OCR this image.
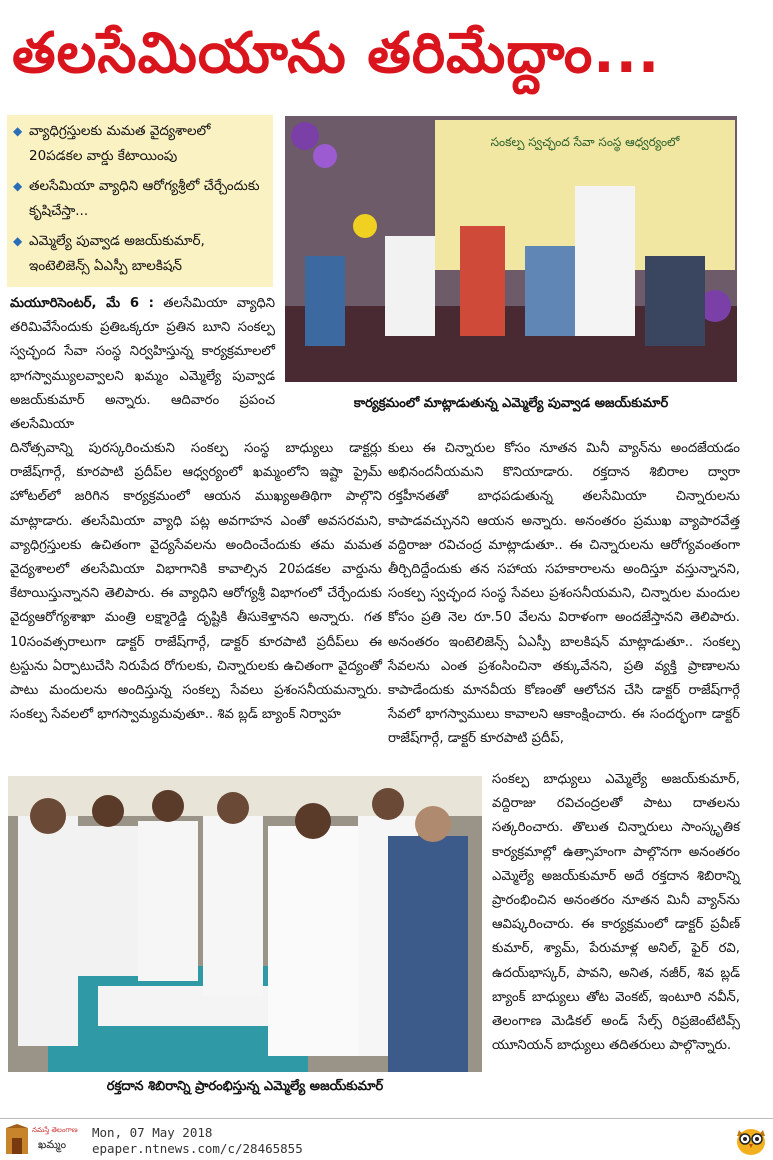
తలసేమియాను తరిమేద్దాం...
◆ వ్యాధిగ్రస్తులకు మమత వైద్యశాలలో 20పడకల వార్డు కేటాయింపు
◆ తలసేమియా వ్యాధిని ఆరోగ్యశ్రీలో చేర్చేందుకు కృషిచేస్తా...
◆ ఎమ్మెల్యే పువ్వాడ అజయ్‌కుమార్, ఇంటెలిజెన్స్ ఏఎస్పీ బాలకిషన్
సంకల్ప స్వచ్ఛంద సేవా సంస్థ ఆధ్వర్యంలో
కార్యక్రమంలో మాట్లాడుతున్న ఎమ్మెల్యే పువ్వాడ అజయ్‌కుమార్

మయూరిసెంటర్, మే 6 : తలసేమియా వ్యాధిని తరిమివేసేందుకు ప్రతిఒక్కరూ ప్రతిన బూని సంకల్ప స్వచ్ఛంద సేవా సంస్థ నిర్వహిస్తున్న కార్యక్రమాలలో భాగస్వామ్యులవ్వాలని ఖమ్మం ఎమ్మెల్యే పువ్వాడ అజయ్‌కుమార్ అన్నారు. ఆదివారం ప్రపంచ తలసేమియా

దినోత్సవాన్ని పురస్కరించుకుని సంకల్ప సంస్థ బాధ్యులు డాక్టర్లు రాజేష్‌గార్గే, కూరపాటి ప్రదీప్‌ల ఆధ్వర్యంలో ఖమ్మంలోని ఇష్టా ప్రైమ్ హోటల్‌లో జరిగిన కార్యక్రమంలో ఆయన ముఖ్యఅతిథిగా పాల్గొని మాట్లాడారు. తలసేమియా వ్యాధి పట్ల అవగాహన ఎంతో అవసరమని, వ్యాధిగ్రస్తులకు ఉచితంగా వైద్యసేవలను అందించేందుకు తమ మమత వైద్యశాలలో తలసేమియా విభాగానికి కావాల్సిన 20పడకల వార్డును కేటాయిస్తున్నానని తెలిపారు. ఈ వ్యాధిని ఆరోగ్యశ్రీ విభాగంలో చేర్చేందుకు వైద్యఆరోగ్యశాఖా మంత్రి లక్ష్మారెడ్డి దృష్టికి తీసుకెళ్తానని అన్నారు. గత 10సంవత్సరాలుగా డాక్టర్ రాజేష్‌గార్గే, డాక్టర్ కూరపాటి ప్రదీప్‌లు ఈ ట్రస్టును ఏర్పాటుచేసి నిరుపేద రోగులకు, చిన్నారులకు ఉచితంగా వైద్యంతో పాటు మందులను అందిస్తున్న సంకల్ప సేవలు ప్రశంసనీయమన్నారు. సంకల్ప సేవలలో భాగస్వామ్యమవుతూ.. శివ బ్లడ్ బ్యాంక్ నిర్వాహ

కులు ఈ చిన్నారుల కోసం నూతన మినీ వ్యాన్‌ను అందజేయడం అభినందనీయమని కొనియాడారు. రక్తదాన శిబిరాల ద్వారా రక్తహీనతతో బాధపడుతున్న తలసేమియా చిన్నారులను కాపాడవచ్చునని ఆయన అన్నారు. అనంతరం ప్రముఖ వ్యాపారవేత్త వద్దిరాజు రవిచంద్ర మాట్లాడుతూ.. ఈ చిన్నారులను ఆరోగ్యవంతంగా తీర్చిదిద్దేందుకు తన సహాయ సహకారాలను అందిస్తూ వస్తున్నానని, సంకల్ప స్వచ్ఛంద సంస్థ సేవలు ప్రశంసనీయమని, చిన్నారుల మందుల కోసం ప్రతి నెల రూ.50 వేలను విరాళంగా అందజేస్తానని తెలిపారు. అనంతరం ఇంటెలిజెన్స్ ఏఎస్పీ బాలకిషన్ మాట్లాడుతూ.. సంకల్ప సేవలను ఎంత ప్రశంసించినా తక్కువేనని, ప్రతి వ్యక్తి ప్రాణాలను కాపాడేందుకు మానవీయ కోణంతో ఆలోచన చేసి డాక్టర్ రాజేష్‌గార్గే సేవలో భాగస్వాములు కావాలని ఆకాంక్షించారు. ఈ సందర్భంగా డాక్టర్ రాజేష్‌గార్గే, డాక్టర్ కూరపాటి ప్రదీప్,

సంకల్ప బాధ్యులు ఎమ్మెల్యే అజయ్‌కుమార్, వద్దిరాజు రవిచంద్రలతో పాటు దాతలను సత్కరించారు. తొలుత చిన్నారులు సాంస్కృతిక కార్యక్రమాల్లో ఉత్సాహంగా పాల్గొనగా అనంతరం ఎమ్మెల్యే అజయ్‌కుమార్ అదే రక్తదాన శిబిరాన్ని ప్రారంభించిన అనంతరం నూతన మినీ వ్యాన్‌ను ఆవిష్కరించారు. ఈ కార్యక్రమంలో డాక్టర్ ప్రవీణ్ కుమార్, శ్యామ్, పేరుమాళ్ల అనిల్, ఫైర్ రవి, ఉదయ్‌భాస్కర్, పావని, అనిత, నజీర్, శివ బ్లడ్ బ్యాంక్ బాధ్యులు తోట వెంకట్, ఇంటూరి నవీన్, తెలంగాణ మెడికల్ అండ్ సేల్స్ రిప్రజెంటేటివ్స్ యూనియన్ బాధ్యులు తదితరులు పాల్గొన్నారు.

రక్తదాన శిబిరాన్ని ప్రారంభిస్తున్న ఎమ్మెల్యే అజయ్‌కుమార్
నమస్తే తెలంగాణ
ఖమ్మం
Mon, 07 May 2018
epaper.ntnews.com/c/28465855
